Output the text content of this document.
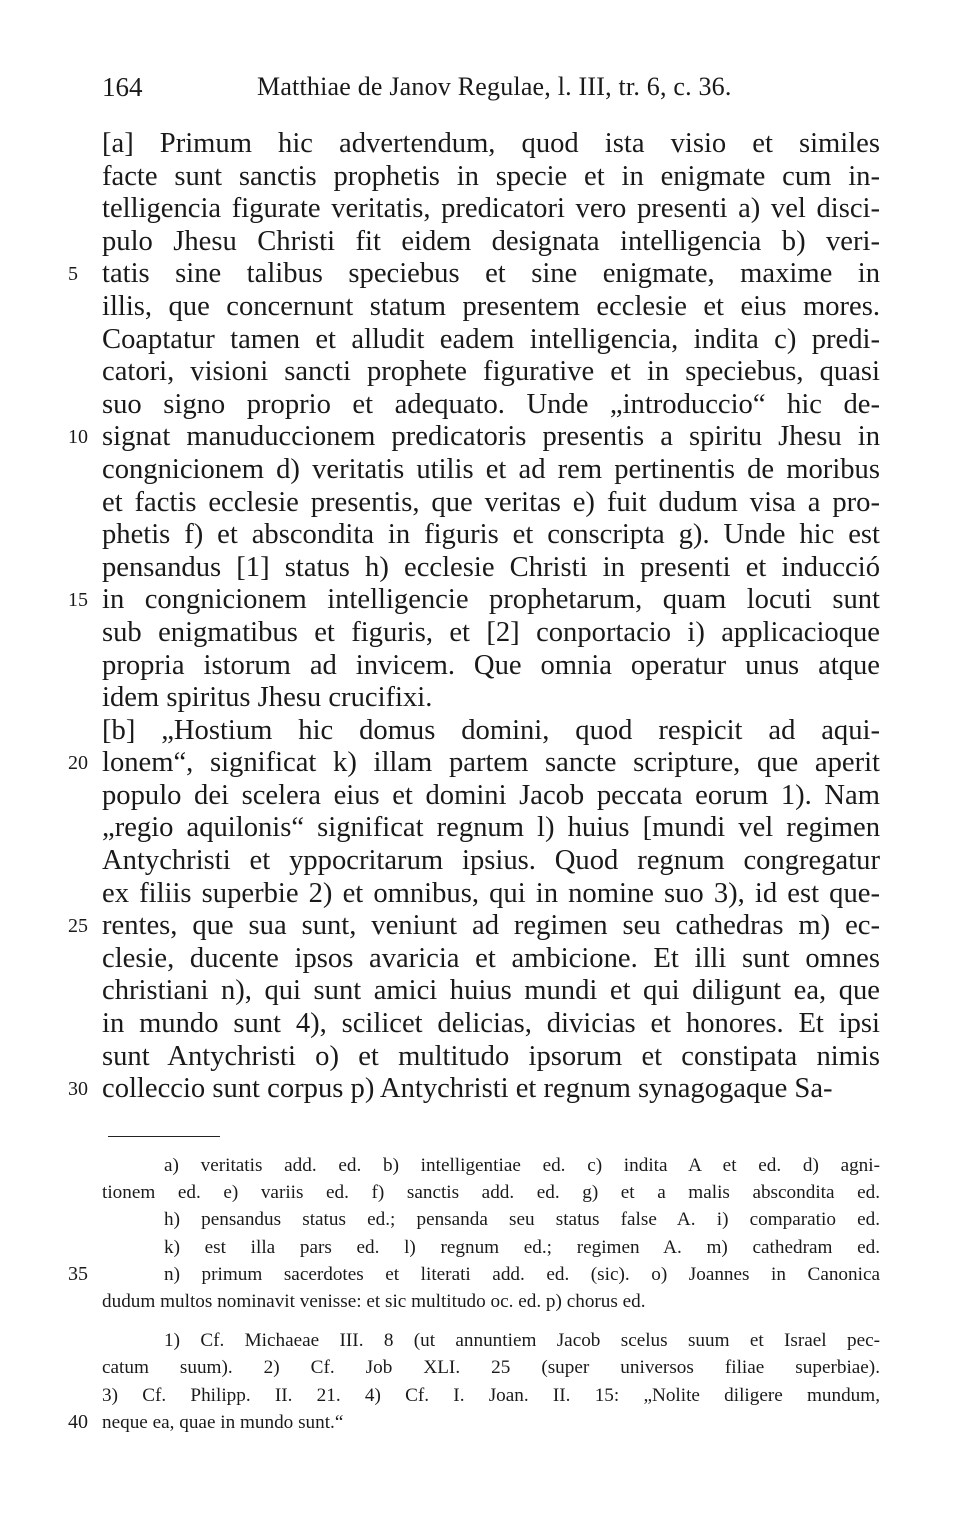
164	Matthiae de Janov Regulae, l. III, tr. 6, c. 36.
[a] Primum hic advertendum, quod ista visio et similes
facte sunt sanctis prophetis in specie et in enigmate cum in-
telligencia figurate veritatis, predicatori vero presenti a) vel disci-
pulo Jhesu Christi fit eidem designata intelligencia b) veri-
5 tatis sine talibus speciebus et sine enigmate, maxime in
illis, que concernunt statum presentem ecclesie et eius mores.
Coaptatur tamen et alludit eadem intelligencia, indita c) predi-
catori, visioni sancti prophete figurative et in speciebus, quasi
suo signo proprio et adequato. Unde „introduccio“ hic de-
10 signat manuduccionem predicatoris presentis a spiritu Jhesu in
congnicionem d) veritatis utilis et ad rem pertinentis de moribus
et factis ecclesie presentis, que veritas e) fuit dudum visa a pro-
phetis f) et abscondita in figuris et conscripta g). Unde hic est
pensandus [1] status h) ecclesie Christi in presenti et inducció
15 in congnicionem intelligencie prophetarum, quam locuti sunt
sub enigmatibus et figuris, et [2] conportacio i) applicacioque
propria istorum ad invicem. Que omnia operatur unus atque
idem spiritus Jhesu crucifixi.
[b] „Hostium hic domus domini, quod respicit ad aqui-
20 lonem“, significat k) illam partem sancte scripture, que aperit
populo dei scelera eius et domini Jacob peccata eorum 1). Nam
„regio aquilonis“ significat regnum l) huius [mundi vel regimen
Antychristi et yppocritarum ipsius. Quod regnum congregatur
ex filiis superbie 2) et omnibus, qui in nomine suo 3), id est que-
25 rentes, que sua sunt, veniunt ad regimen seu cathedras m) ec-
clesie, ducente ipsos avaricia et ambicione. Et illi sunt omnes
christiani n), qui sunt amici huius mundi et qui diligunt ea, que
in mundo sunt 4), scilicet delicias, divicias et honores. Et ipsi
sunt Antychristi o) et multitudo ipsorum et constipata nimis
30 colleccio sunt corpus p) Antychristi et regnum synagogaque Sa-
a) veritatis add. ed. b) intelligentiae ed. c) indita A et ed. d) agni-
tionem ed. e) variis ed. f) sanctis add. ed. g) et a malis abscondita ed.
h) pensandus status ed.; pensanda seu status false A. i) comparatio ed.
k) est illa pars ed. l) regnum ed.; regimen A. m) cathedram ed.
35	n) primum sacerdotes et literati add. ed. (sic). o) Joannes in Canonica
dudum multos nominavit venisse: et sic multitudo oc. ed. p) chorus ed.
1) Cf. Michaeae III. 8 (ut annuntiem Jacob scelus suum et Israel pec-
catum suum). 2) Cf. Job XLI. 25 (super universos filiae superbiae).
3) Cf. Philipp. II. 21. 4) Cf. I. Joan. II. 15: „Nolite diligere mundum,
40 neque ea, quae in mundo sunt.“
